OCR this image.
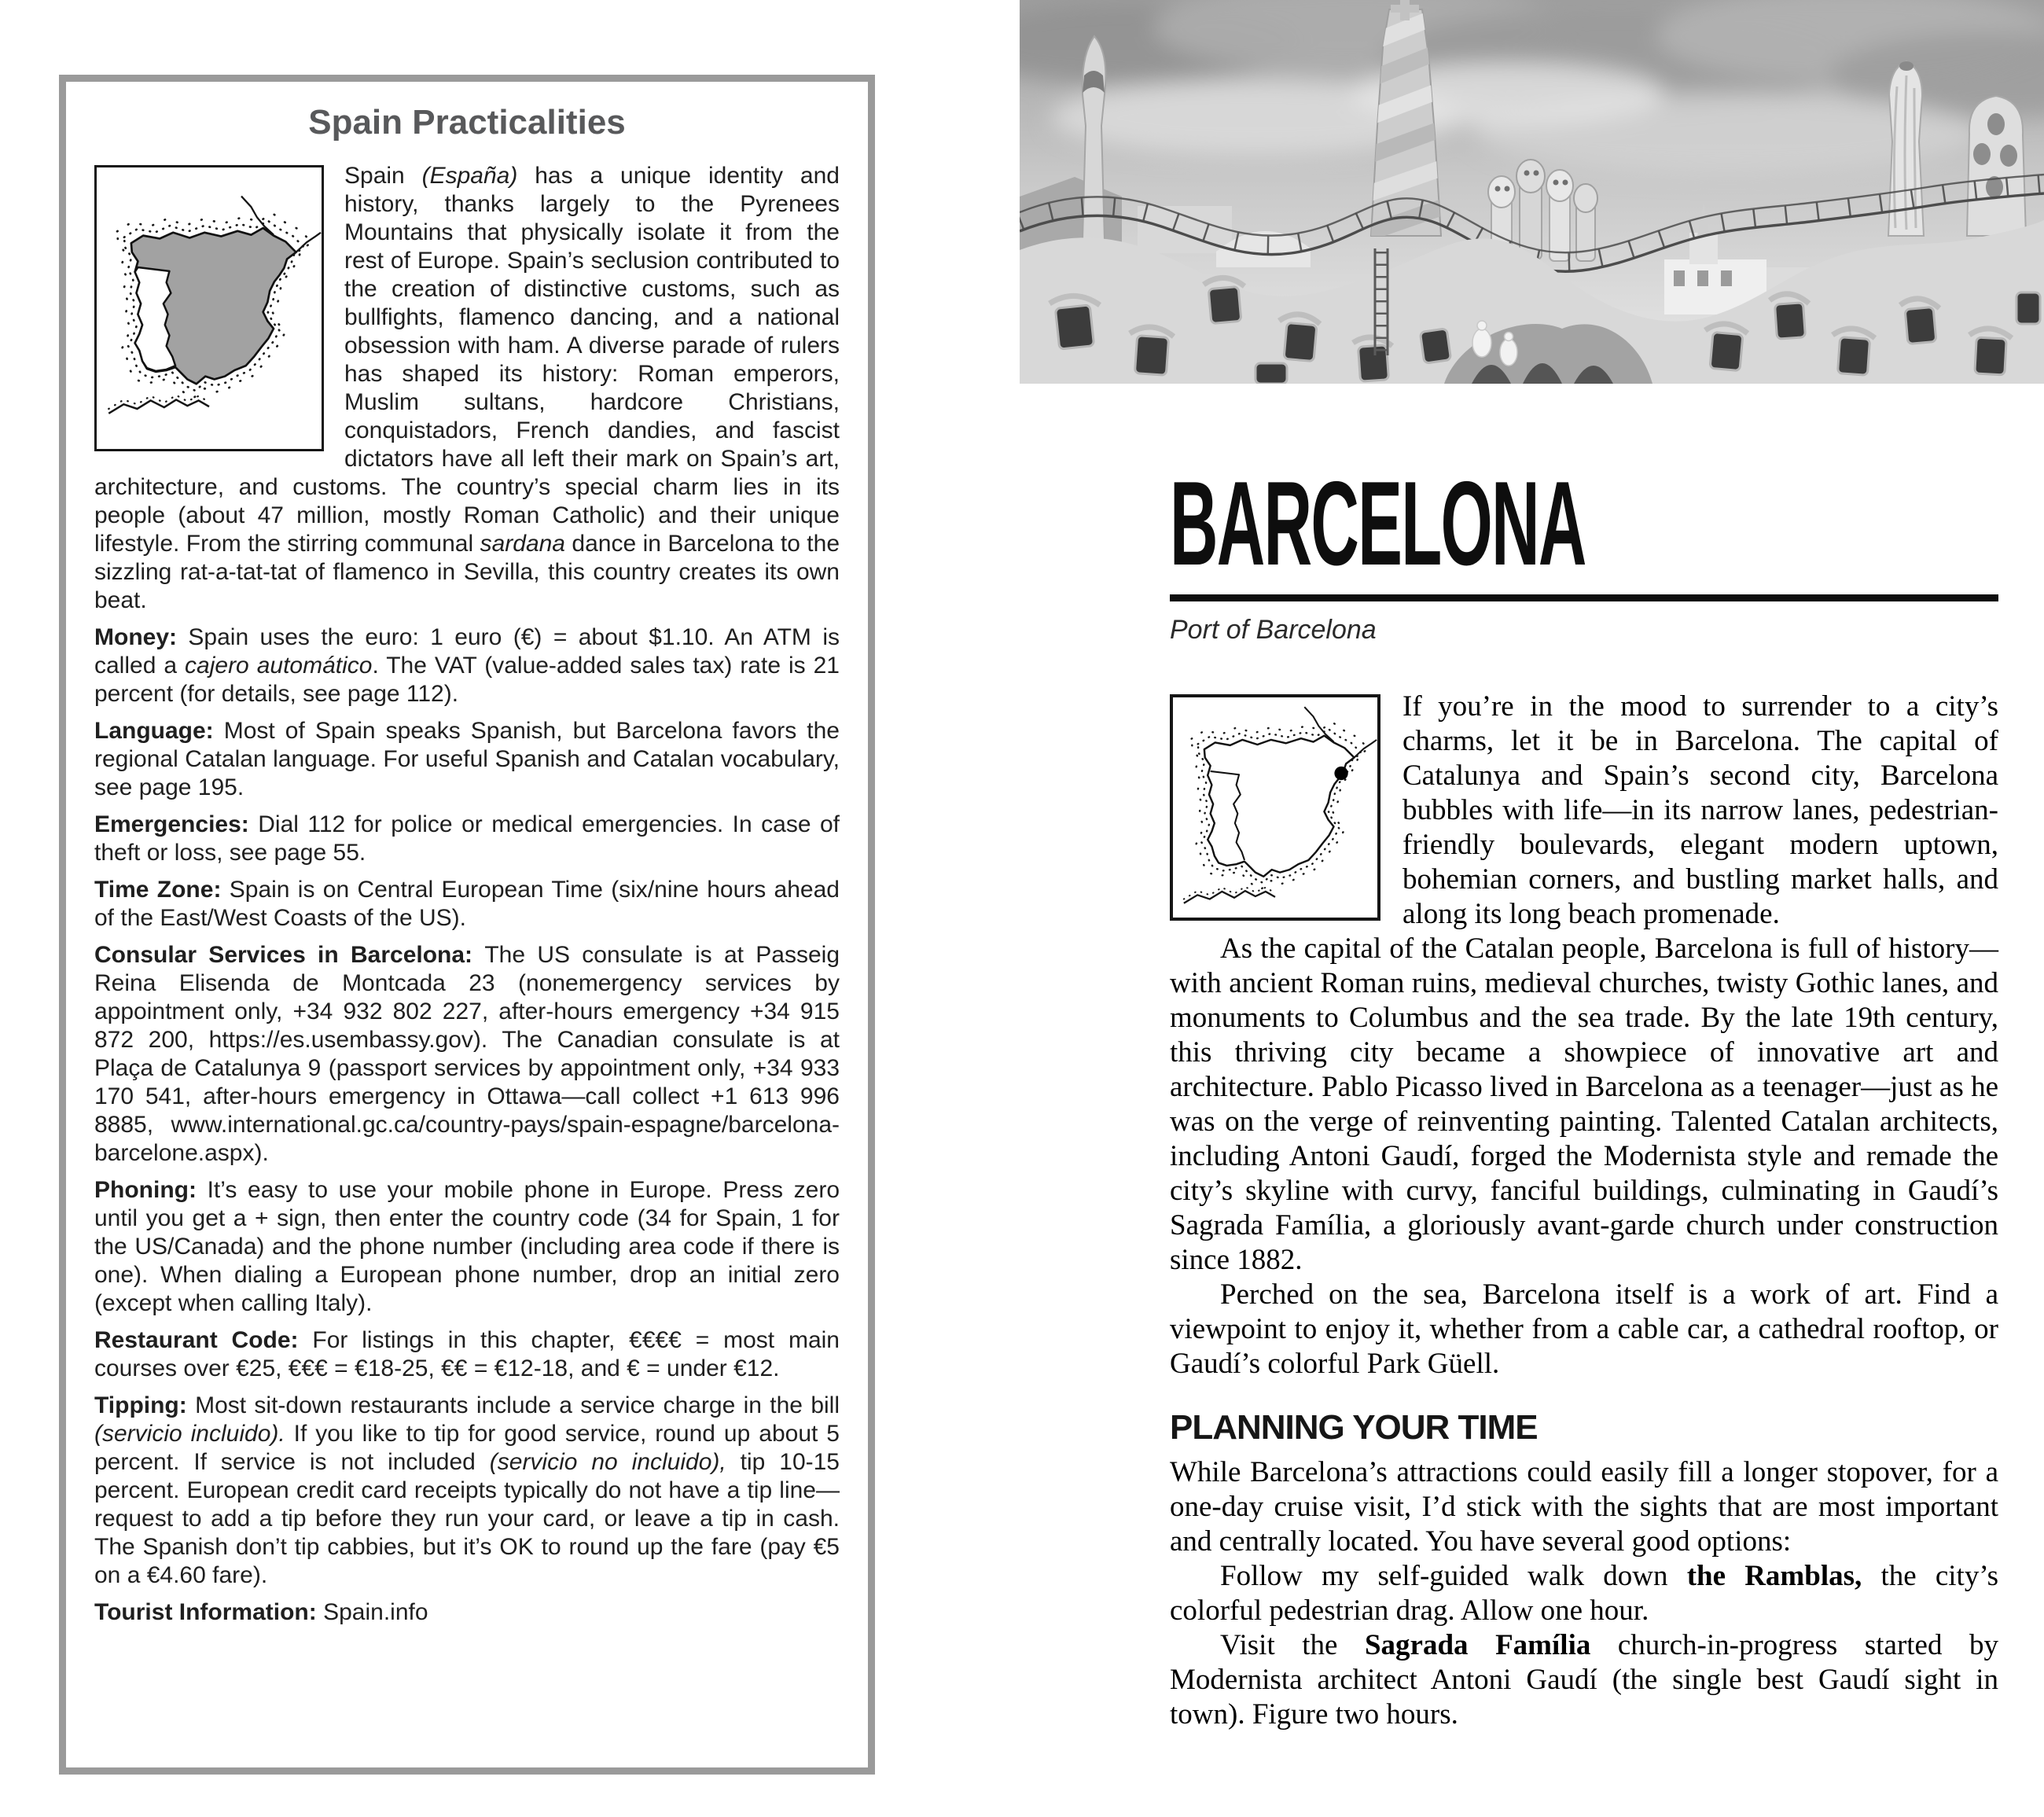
Spain Practicalities

Spain (España) has a unique identity and history, thanks largely to the Pyrenees Mountains that physically isolate it from the rest of Europe. Spain’s seclusion contributed to the creation of distinctive customs, such as bullfights, flamenco dancing, and a national obsession with ham. A diverse parade of rulers has shaped its history: Roman emperors, Muslim sultans, hardcore Christians, conquistadors, French dandies, and fascist dictators have all left their mark on Spain’s art, architecture, and customs. The country’s special charm lies in its people (about 47 million, mostly Roman Catholic) and their unique lifestyle. From the stirring communal sardana dance in Barcelona to the sizzling rat-a-tat-tat of flamenco in Sevilla, this country creates its own beat.

Money: Spain uses the euro: 1 euro (€) = about $1.10. An ATM is called a cajero automático. The VAT (value-added sales tax) rate is 21 percent (for details, see page 112).

Language: Most of Spain speaks Spanish, but Barcelona favors the regional Catalan language. For useful Spanish and Catalan vocabulary, see page 195.

Emergencies: Dial 112 for police or medical emergencies. In case of theft or loss, see page 55.

Time Zone: Spain is on Central European Time (six/nine hours ahead of the East/West Coasts of the US).

Consular Services in Barcelona: The US consulate is at Passeig Reina Elisenda de Montcada 23 (nonemergency services by appointment only, +34 932 802 227, after-hours emergency +34 915 872 200, https://es.usembassy.gov). The Canadian consulate is at Plaça de Catalunya 9 (passport services by appointment only, +34 933 170 541, after-hours emergency in Ottawa—call collect +1 613 996 8885, www.international.gc.ca/country-pays/spain-espagne/barcelona-barcelone.aspx).

Phoning: It’s easy to use your mobile phone in Europe. Press zero until you get a + sign, then enter the country code (34 for Spain, 1 for the US/Canada) and the phone number (including area code if there is one). When dialing a European phone number, drop an initial zero (except when calling Italy).

Restaurant Code: For listings in this chapter, €€€€ = most main courses over €25, €€€ = €18-25, €€ = €12-18, and € = under €12.

Tipping: Most sit-down restaurants include a service charge in the bill (servicio incluido). If you like to tip for good service, round up about 5 percent. If service is not included (servicio no incluido), tip 10-15 percent. European credit card receipts typically do not have a tip line—request to add a tip before they run your card, or leave a tip in cash. The Spanish don’t tip cabbies, but it’s OK to round up the fare (pay €5 on a €4.60 fare).

Tourist Information: Spain.info

BARCELONA

Port of Barcelona

If you’re in the mood to surrender to a city’s charms, let it be in Barcelona. The capital of Catalunya and Spain’s second city, Barcelona bubbles with life—in its narrow lanes, pedestrian-friendly boulevards, elegant modern uptown, bohemian corners, and bustling market halls, and along its long beach promenade.

As the capital of the Catalan people, Barcelona is full of history—with ancient Roman ruins, medieval churches, twisty Gothic lanes, and monuments to Columbus and the sea trade. By the late 19th century, this thriving city became a showpiece of innovative art and architecture. Pablo Picasso lived in Barcelona as a teenager—just as he was on the verge of reinventing painting. Talented Catalan architects, including Antoni Gaudí, forged the Modernista style and remade the city’s skyline with curvy, fanciful buildings, culminating in Gaudí’s Sagrada Família, a gloriously avant-garde church under construction since 1882.

Perched on the sea, Barcelona itself is a work of art. Find a viewpoint to enjoy it, whether from a cable car, a cathedral rooftop, or Gaudí’s colorful Park Güell.

PLANNING YOUR TIME

While Barcelona’s attractions could easily fill a longer stopover, for a one-day cruise visit, I’d stick with the sights that are most important and centrally located. You have several good options:

Follow my self-guided walk down the Ramblas, the city’s colorful pedestrian drag. Allow one hour.

Visit the Sagrada Família church-in-progress started by Modernista architect Antoni Gaudí (the single best Gaudí sight in town). Figure two hours.
